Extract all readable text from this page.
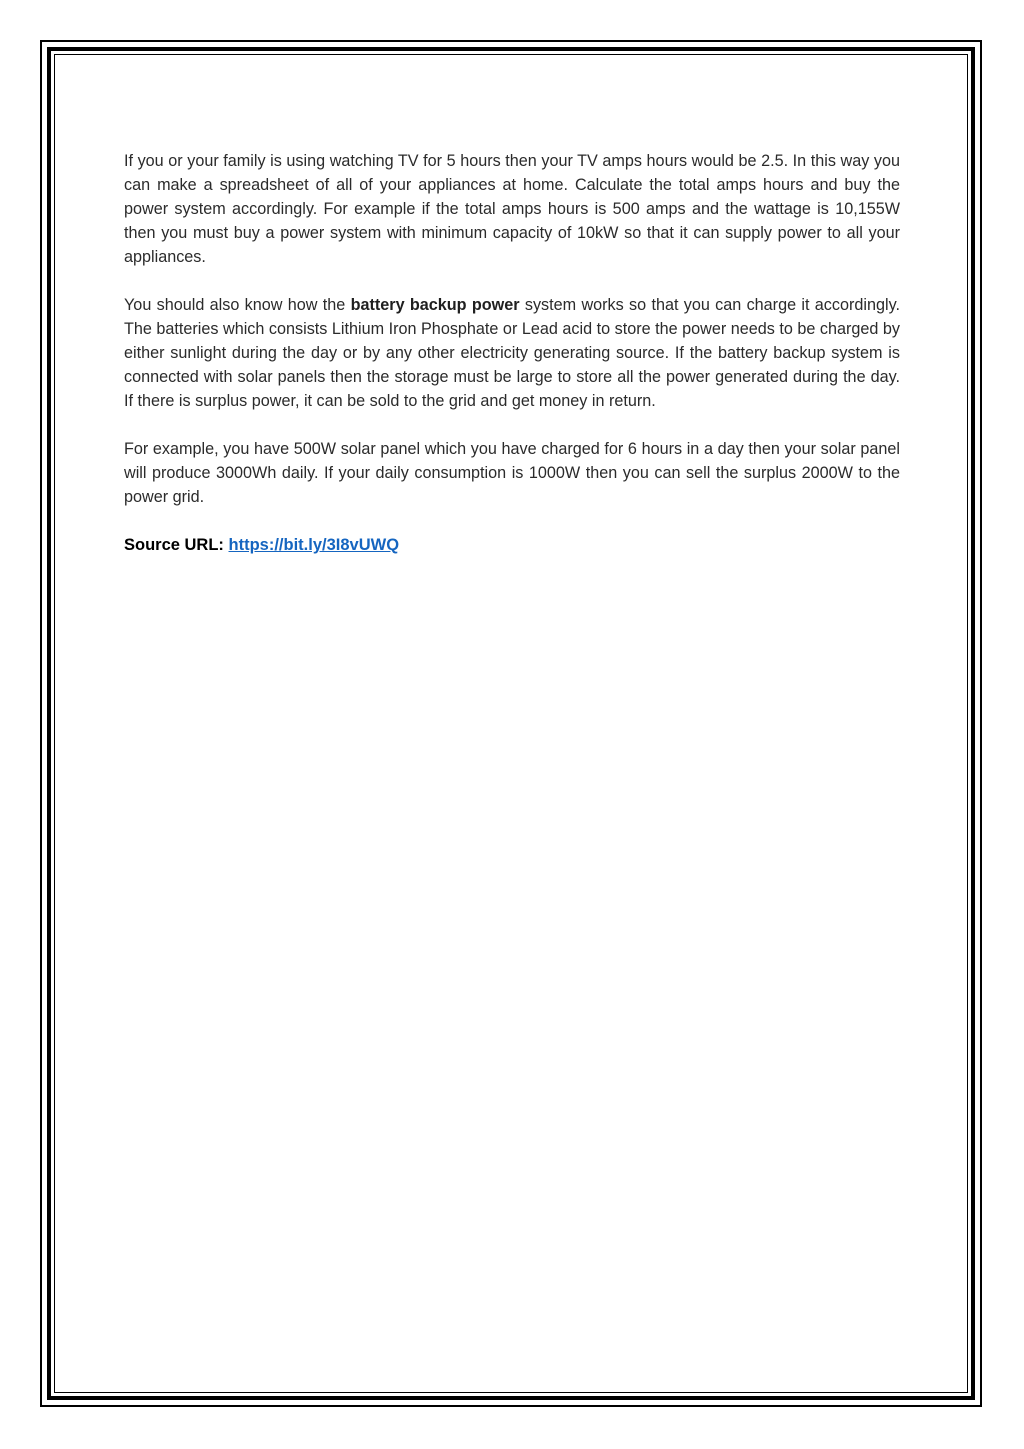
If you or your family is using watching TV for 5 hours then your TV amps hours would be 2.5. In this way you can make a spreadsheet of all of your appliances at home. Calculate the total amps hours and buy the power system accordingly. For example if the total amps hours is 500 amps and the wattage is 10,155W then you must buy a power system with minimum capacity of 10kW so that it can supply power to all your appliances.

You should also know how the battery backup power system works so that you can charge it accordingly. The batteries which consists Lithium Iron Phosphate or Lead acid to store the power needs to be charged by either sunlight during the day or by any other electricity generating source. If the battery backup system is connected with solar panels then the storage must be large to store all the power generated during the day. If there is surplus power, it can be sold to the grid and get money in return.

For example, you have 500W solar panel which you have charged for 6 hours in a day then your solar panel will produce 3000Wh daily. If your daily consumption is 1000W then you can sell the surplus 2000W to the power grid.

Source URL: https://bit.ly/3I8vUWQ
